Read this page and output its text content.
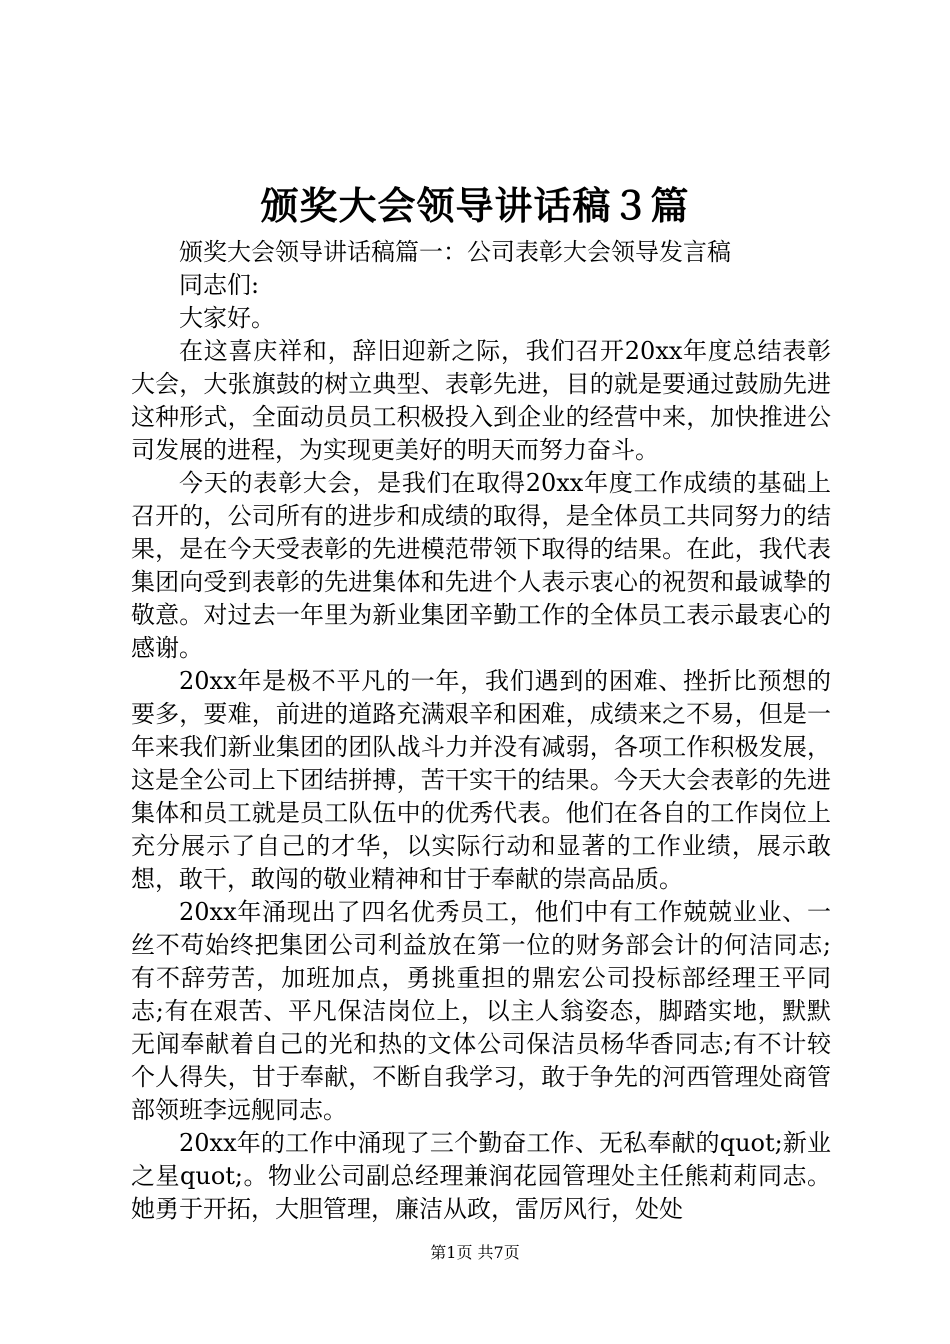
颁奖大会领导讲话稿３篇

颁奖大会领导讲话稿篇一：公司表彰大会领导发言稿

同志们:

大家好。

在这喜庆祥和，辞旧迎新之际，我们召开20xx年度总结表彰大会，大张旗鼓的树立典型、表彰先进，目的就是要通过鼓励先进这种形式，全面动员员工积极投入到企业的经营中来，加快推进公司发展的进程，为实现更美好的明天而努力奋斗。

今天的表彰大会，是我们在取得20xx年度工作成绩的基础上召开的，公司所有的进步和成绩的取得，是全体员工共同努力的结果，是在今天受表彰的先进模范带领下取得的结果。在此，我代表集团向受到表彰的先进集体和先进个人表示衷心的祝贺和最诚挚的敬意。对过去一年里为新业集团辛勤工作的全体员工表示最衷心的感谢。

20xx年是极不平凡的一年，我们遇到的困难、挫折比预想的要多，要难，前进的道路充满艰辛和困难，成绩来之不易，但是一年来我们新业集团的团队战斗力并没有减弱，各项工作积极发展，这是全公司上下团结拼搏，苦干实干的结果。今天大会表彰的先进集体和员工就是员工队伍中的优秀代表。他们在各自的工作岗位上充分展示了自己的才华，以实际行动和显著的工作业绩，展示敢想，敢干，敢闯的敬业精神和甘于奉献的崇高品质。

20xx年涌现出了四名优秀员工，他们中有工作兢兢业业、一丝不苟始终把集团公司利益放在第一位的财务部会计的何洁同志;有不辞劳苦，加班加点，勇挑重担的鼎宏公司投标部经理王平同志;有在艰苦、平凡保洁岗位上，以主人翁姿态，脚踏实地，默默无闻奉献着自己的光和热的文体公司保洁员杨华香同志;有不计较个人得失，甘于奉献，不断自我学习，敢于争先的河西管理处商管部领班李远舰同志。

20xx年的工作中涌现了三个勤奋工作、无私奉献的quot;新业之星quot;。物业公司副总经理兼润花园管理处主任熊莉莉同志。她勇于开拓，大胆管理，廉洁从政，雷厉风行，处处

第1页 共7页
